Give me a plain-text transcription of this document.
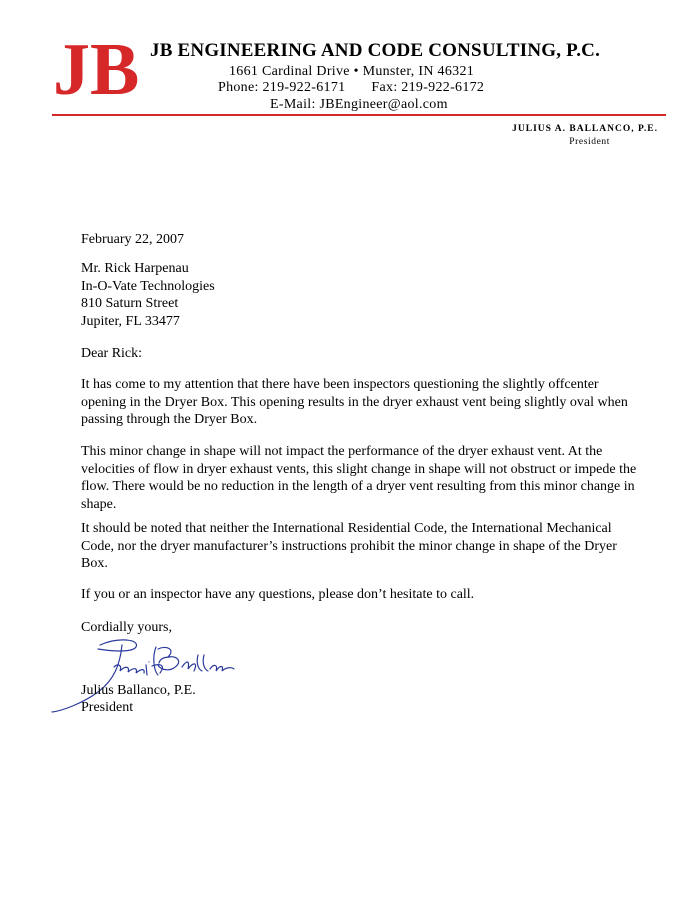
JB JB ENGINEERING AND CODE CONSULTING, P.C.
1661 Cardinal Drive • Munster, IN 46321
Phone: 219-922-6171 Fax: 219-922-6172
E-Mail: JBEngineer@aol.com
JULIUS A. BALLANCO, P.E.
President
February 22, 2007
Mr. Rick Harpenau
In-O-Vate Technologies
810 Saturn Street
Jupiter, FL 33477
Dear Rick:
It has come to my attention that there have been inspectors questioning the slightly offcenter opening in the Dryer Box. This opening results in the dryer exhaust vent being slightly oval when passing through the Dryer Box.
This minor change in shape will not impact the performance of the dryer exhaust vent. At the velocities of flow in dryer exhaust vents, this slight change in shape will not obstruct or impede the flow. There would be no reduction in the length of a dryer vent resulting from this minor change in shape.
It should be noted that neither the International Residential Code, the International Mechanical Code, nor the dryer manufacturer’s instructions prohibit the minor change in shape of the Dryer Box.
If you or an inspector have any questions, please don’t hesitate to call.
Cordially yours,
Julius Ballanco, P.E.
President
